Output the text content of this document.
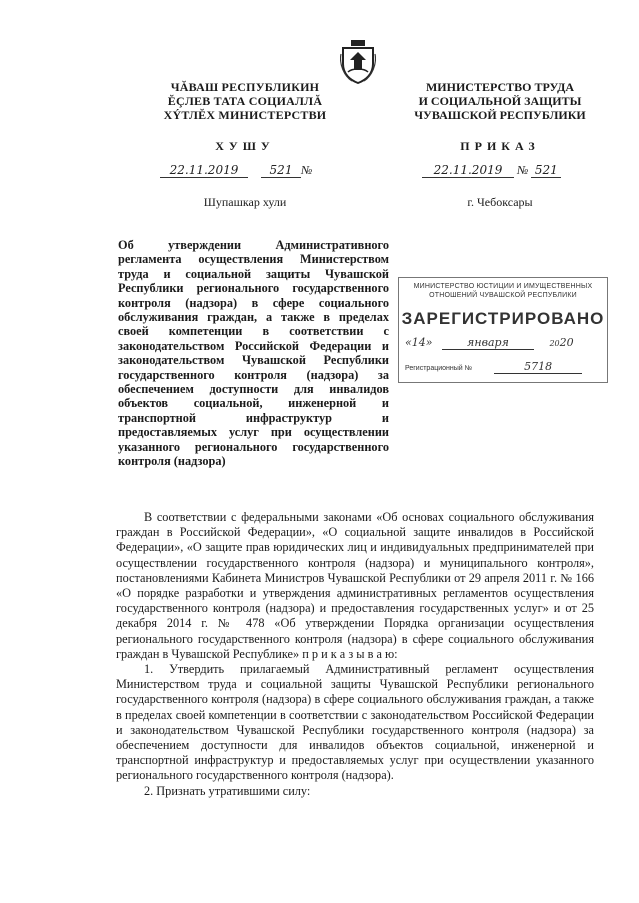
ЧĂВАШ РЕСПУБЛИКИН
ĔÇЛЕВ ТАТА СОЦИАЛЛĂ
ХÝТЛĔХ МИНИСТЕРСТВИ
МИНИСТЕРСТВО ТРУДА
И СОЦИАЛЬНОЙ ЗАЩИТЫ
ЧУВАШСКОЙ РЕСПУБЛИКИ
ХУШУ	ПРИКАЗ
22.11.2019	521 №	22.11.2019 № 521
Шупашкар хули	г. Чебоксары
Об утверждении Административного регламента осуществления Министерством труда и социальной защиты Чувашской Республики регионального государственного контроля (надзора) в сфере социального обслуживания граждан, а также в пределах своей компетенции в соответствии с законодательством Российской Федерации и законодательством Чувашской Республики государственного контроля (надзора) за обеспечением доступности для инвалидов объектов социальной, инженерной и транспортной инфраструктур и предоставляемых услуг при осуществлении указанного регионального государственного контроля (надзора)
МИНИСТЕРСТВО ЮСТИЦИИ И ИМУЩЕСТВЕННЫХ
ОТНОШЕНИЙ ЧУВАШСКОЙ РЕСПУБЛИКИ
ЗАРЕГИСТРИРОВАНО
«14»	января	2020
Регистрационный №	5718

В соответствии с федеральными законами «Об основах социального обслуживания граждан в Российской Федерации», «О социальной защите инвалидов в Российской Федерации», «О защите прав юридических лиц и индивидуальных предпринимателей при осуществлении государственного контроля (надзора) и муниципального контроля», постановлениями Кабинета Министров Чувашской Республики от 29 апреля 2011 г. № 166 «О порядке разработки и утверждения административных регламентов осуществления государственного контроля (надзора) и предоставления государственных услуг» и от 25 декабря 2014 г. № 478 «Об утверждении Порядка организации осуществления регионального государственного контроля (надзора) в сфере социального обслуживания граждан в Чувашской Республике» п р и к а з ы в а ю:

1. Утвердить прилагаемый Административный регламент осуществления Министерством труда и социальной защиты Чувашской Республики регионального государственного контроля (надзора) в сфере социального обслуживания граждан, а также в пределах своей компетенции в соответствии с законодательством Российской Федерации и законодательством Чувашской Республики государственного контроля (надзора) за обеспечением доступности для инвалидов объектов социальной, инженерной и транспортной инфраструктур и предоставляемых услуг при осуществлении указанного регионального государственного контроля (надзора).

2. Признать утратившими силу:
